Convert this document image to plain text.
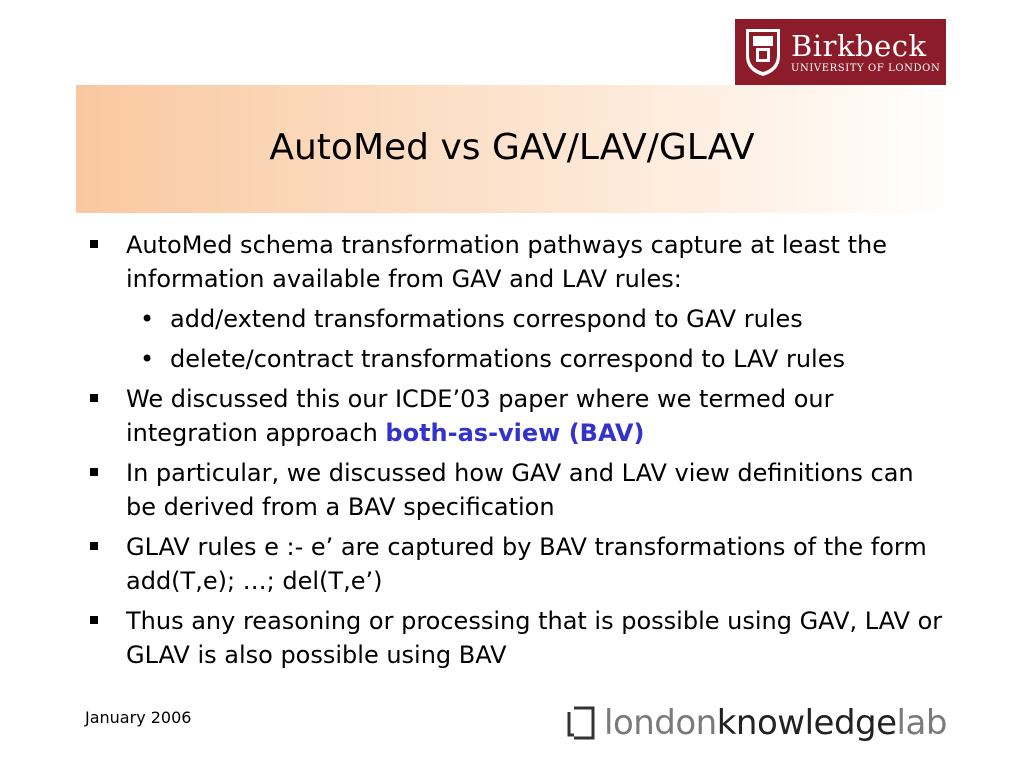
Birkbeck
UNIVERSITY OF LONDON
AutoMed vs GAV/LAV/GLAV
AutoMed schema transformation pathways capture at least the information available from GAV and LAV rules:
• add/extend transformations correspond to GAV rules
• delete/contract transformations correspond to LAV rules
We discussed this our ICDE’03 paper where we termed our integration approach both-as-view (BAV)
In particular, we discussed how GAV and LAV view definitions can be derived from a BAV specification
GLAV rules e :- e’ are captured by BAV transformations of the form add(T,e); …; del(T,e’)
Thus any reasoning or processing that is possible using GAV, LAV or GLAV is also possible using BAV
January 2006	londonknowledgelab
